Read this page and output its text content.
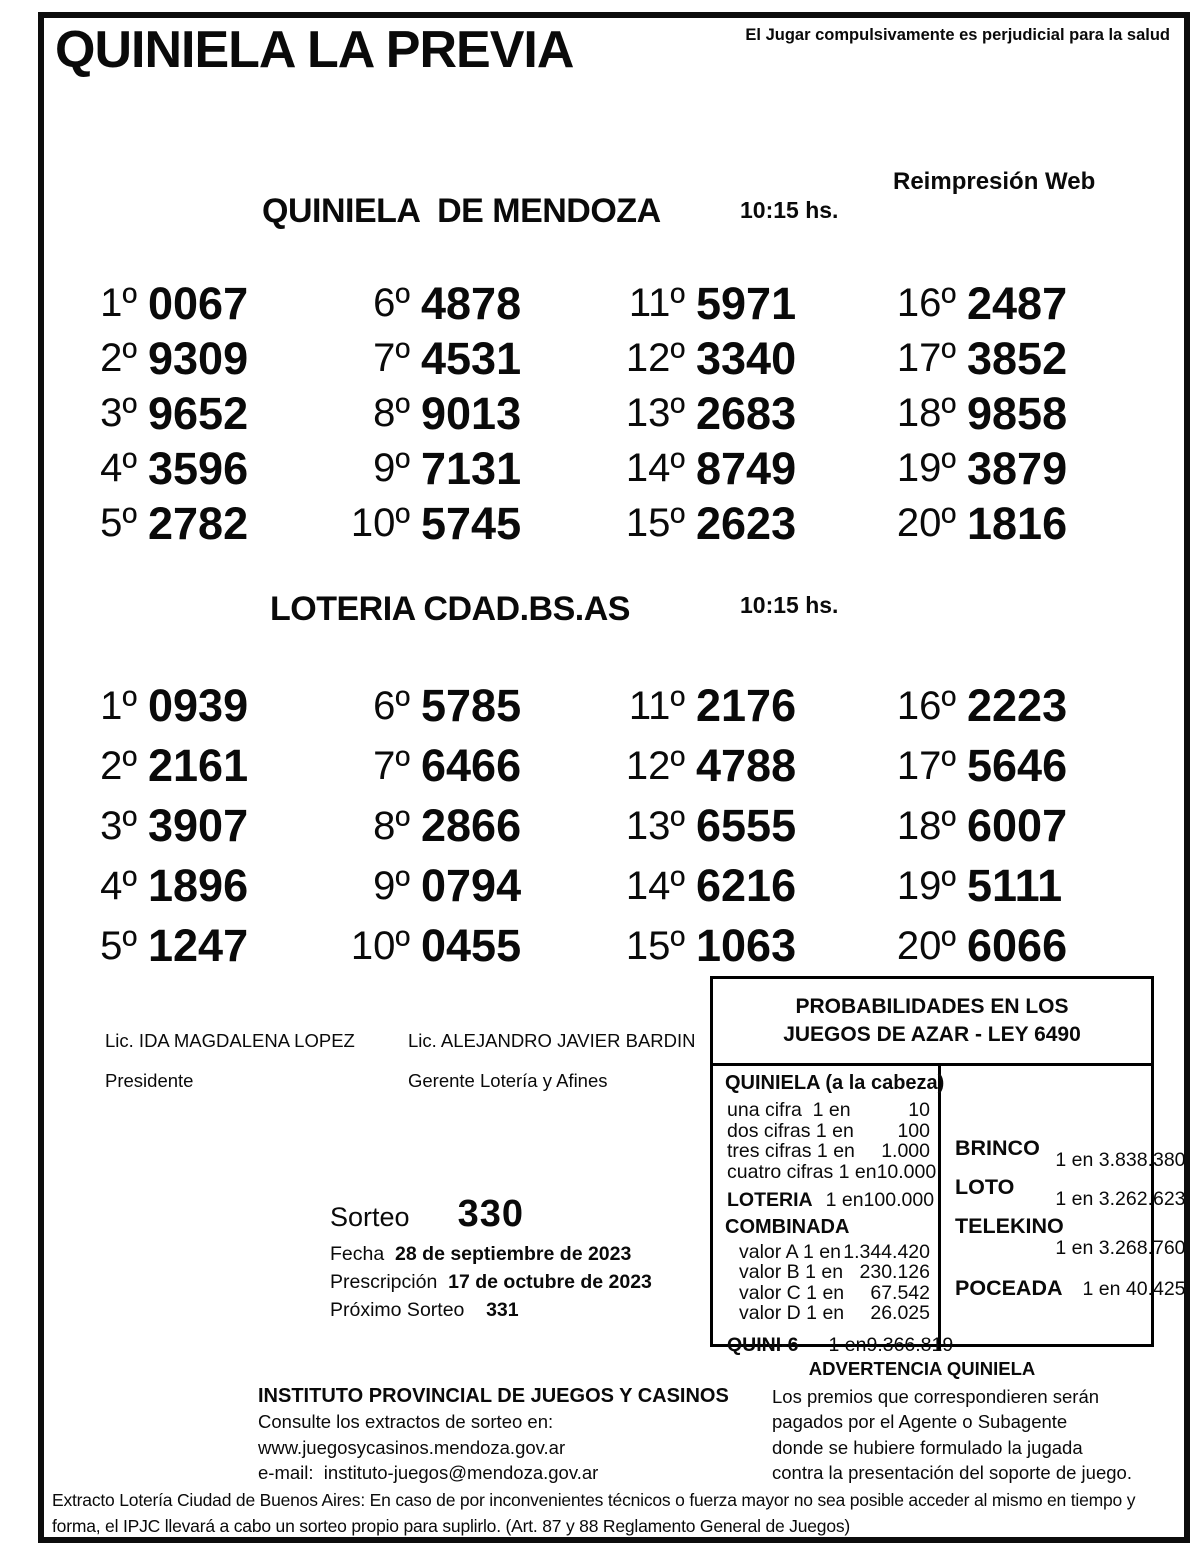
QUINIELA LA PREVIA	El Jugar compulsivamente es perjudicial para la salud
Reimpresión Web
QUINIELA  DE MENDOZA	10:15 hs.
1º 0067
2º 9309
3º 9652
4º 3596
5º 2782
6º 4878
7º 4531
8º 9013
9º 7131
10º 5745
11º 5971
12º 3340
13º 2683
14º 8749
15º 2623
16º 2487
17º 3852
18º 9858
19º 3879
20º 1816
LOTERIA CDAD.BS.AS	10:15 hs.
1º 0939
2º 2161
3º 3907
4º 1896
5º 1247
6º 5785
7º 6466
8º 2866
9º 0794
10º 0455
11º 2176
12º 4788
13º 6555
14º 6216
15º 1063
16º 2223
17º 5646
18º 6007
19º 5111
20º 6066
Lic. IDA MAGDALENA LOPEZ
Presidente
Lic. ALEJANDRO JAVIER BARDIN
Gerente Lotería y Afines
Sorteo 330
Fecha 28 de septiembre de 2023
Prescripción 17 de octubre de 2023
Próximo Sorteo 331
PROBABILIDADES EN LOS
JUEGOS DE AZAR - LEY 6490
QUINIELA (a la cabeza)
una cifra  1 en	10
dos cifras 1 en 100
tres cifras 1 en 1.000
cuatro cifras 1 en 10.000
LOTERIA 1 en 100.000
COMBINADA
valor A 1 en 1.344.420
valor B 1 en 230.126
valor C 1 en 67.542
valor D 1 en 26.025
QUINI-6 1 en 9.366.819
BRINCO 1 en 3.838.380
LOTO 1 en 3.262.623
TELEKINO
1 en 3.268.760
POCEADA 1 en 40.425
INSTITUTO PROVINCIAL DE JUEGOS Y CASINOS
Consulte los extractos de sorteo en:
www.juegosycasinos.mendoza.gov.ar
e-mail:  instituto-juegos@mendoza.gov.ar
ADVERTENCIA QUINIELA
Los premios que correspondieren serán
pagados por el Agente o Subagente
donde se hubiere formulado la jugada
contra la presentación del soporte de juego.
Extracto Lotería Ciudad de Buenos Aires: En caso de por inconvenientes técnicos o fuerza mayor no sea posible acceder al mismo en tiempo y forma, el IPJC llevará a cabo un sorteo propio para suplirlo. (Art. 87 y 88 Reglamento General de Juegos)
